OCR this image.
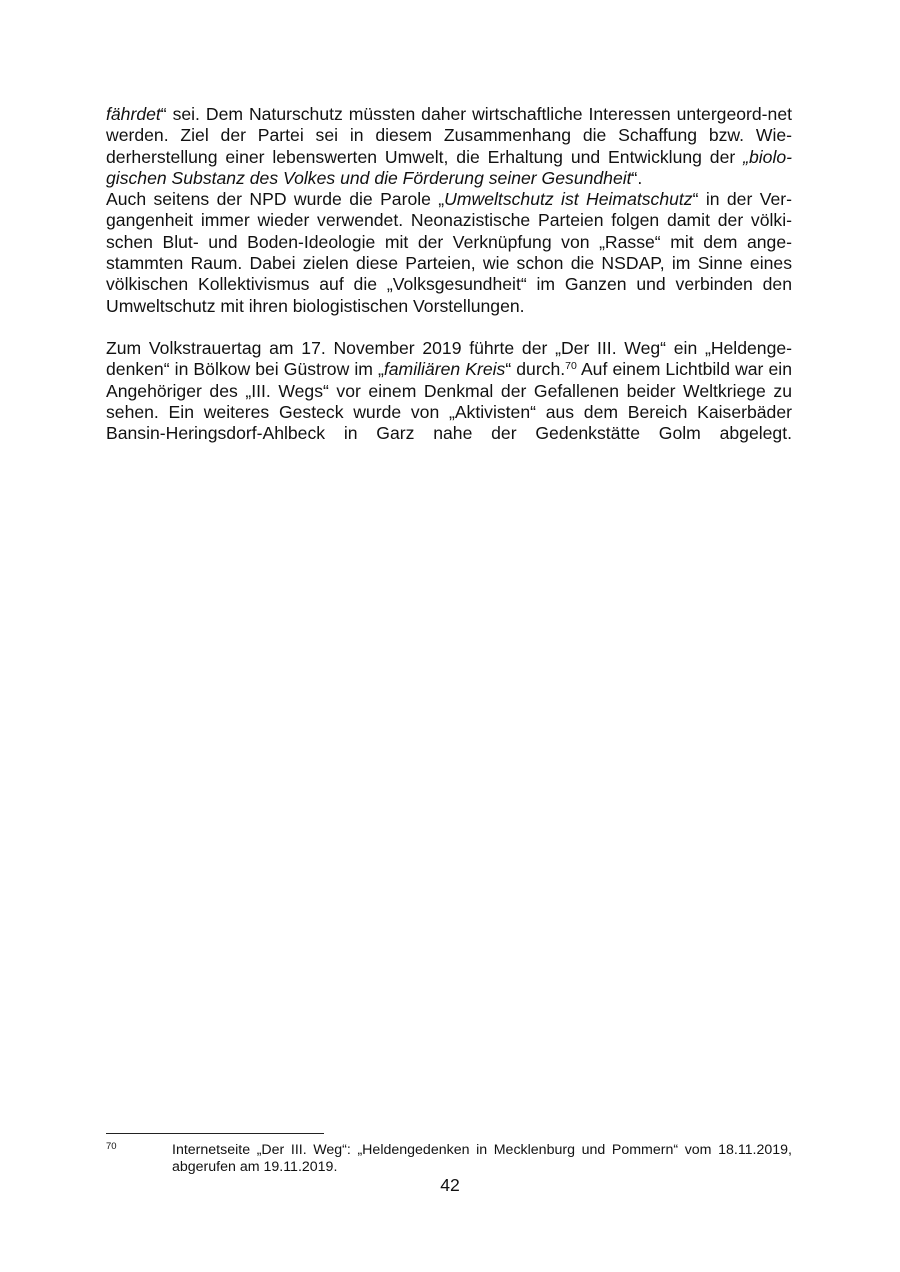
fährdet“ sei. Dem Naturschutz müssten daher wirtschaftliche Interessen untergeord-net werden. Ziel der Partei sei in diesem Zusammenhang die Schaffung bzw. Wie-derherstellung einer lebenswerten Umwelt, die Erhaltung und Entwicklung der „biolo-gischen Substanz des Volkes und die Förderung seiner Gesundheit“.

Auch seitens der NPD wurde die Parole „Umweltschutz ist Heimatschutz“ in der Ver-gangenheit immer wieder verwendet. Neonazistische Parteien folgen damit der völki-schen Blut- und Boden-Ideologie mit der Verknüpfung von „Rasse“ mit dem ange-stammten Raum. Dabei zielen diese Parteien, wie schon die NSDAP, im Sinne eines völkischen Kollektivismus auf die „Volksgesundheit“ im Ganzen und verbinden den Umweltschutz mit ihren biologistischen Vorstellungen.

Zum Volkstrauertag am 17. November 2019 führte der „Der III. Weg“ ein „Heldenge-denken“ in Bölkow bei Güstrow im „familiären Kreis“ durch.$^{70}$ Auf einem Lichtbild war ein Angehöriger des „III. Wegs“ vor einem Denkmal der Gefallenen beider Weltkriege zu sehen. Ein weiteres Gesteck wurde von „Aktivisten“ aus dem Bereich Kaiserbäder Bansin-Heringsdorf-Ahlbeck in Garz nahe der Gedenkstätte Golm abgelegt.

70	Internetseite „Der III. Weg“: „Heldengedenken in Mecklenburg und Pommern“ vom 18.11.2019, abgerufen am 19.11.2019.

42
